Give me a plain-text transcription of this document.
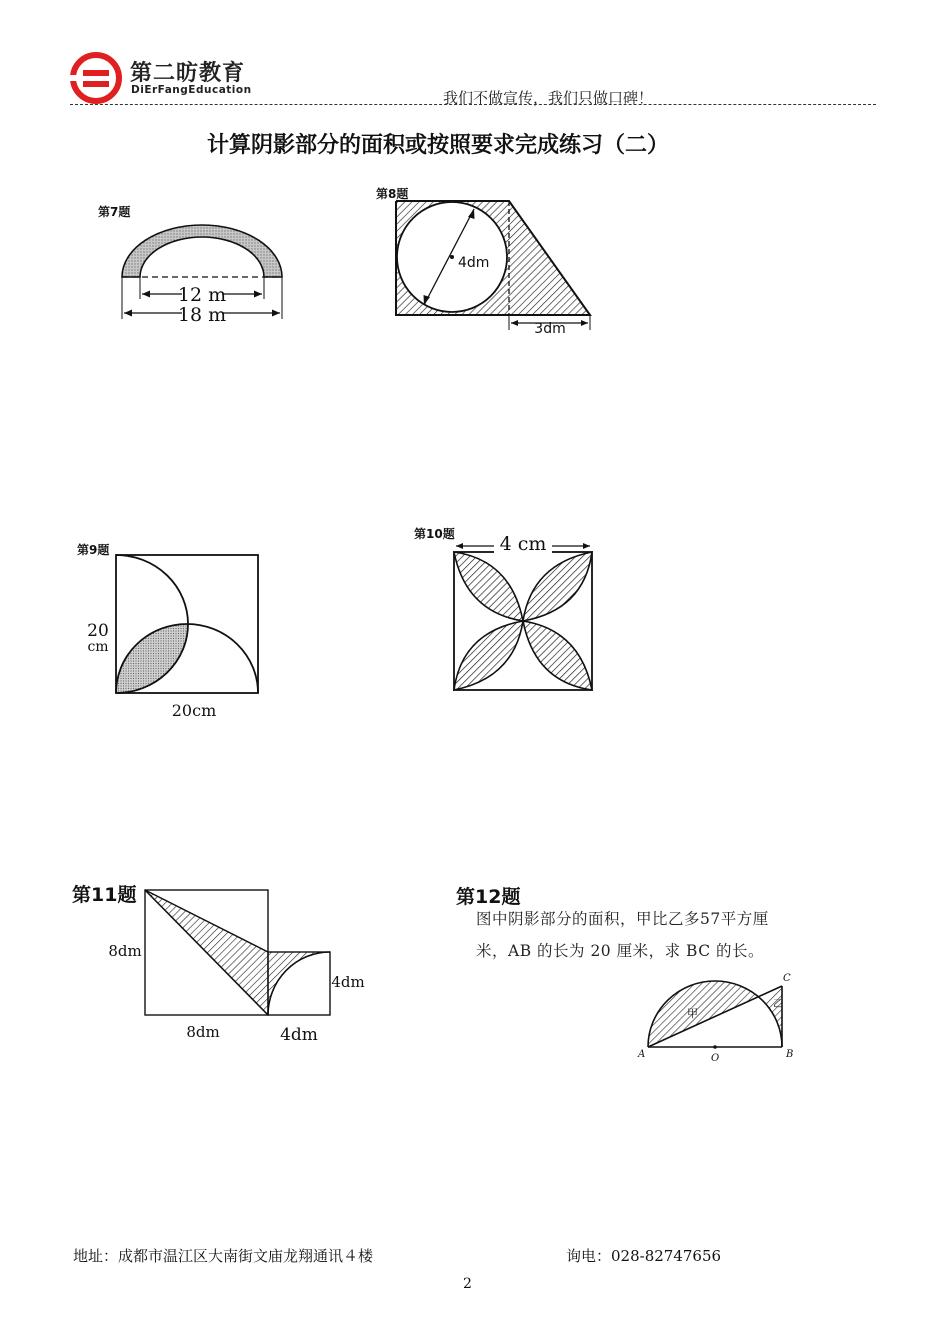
第二昉教育
DiErFangEducation	我们不做宣传，我们只做口碑！
计算阴影部分的面积或按照要求完成练习（二）
第7题
12 m
18 m
第8题
4dm
3dm
第9题
20
cm
20cm
第10题 4 cm
第11题
8dm
8dm	4dm
4dm
第12题
图中阴影部分的面积，甲比乙多57平方厘
米，AB 的长为 20 厘米，求 BC 的长。
甲
乙
A	O	B
C
地址：成都市温江区大南街文庙龙翔通讯４楼	询电：028-82747656
2
